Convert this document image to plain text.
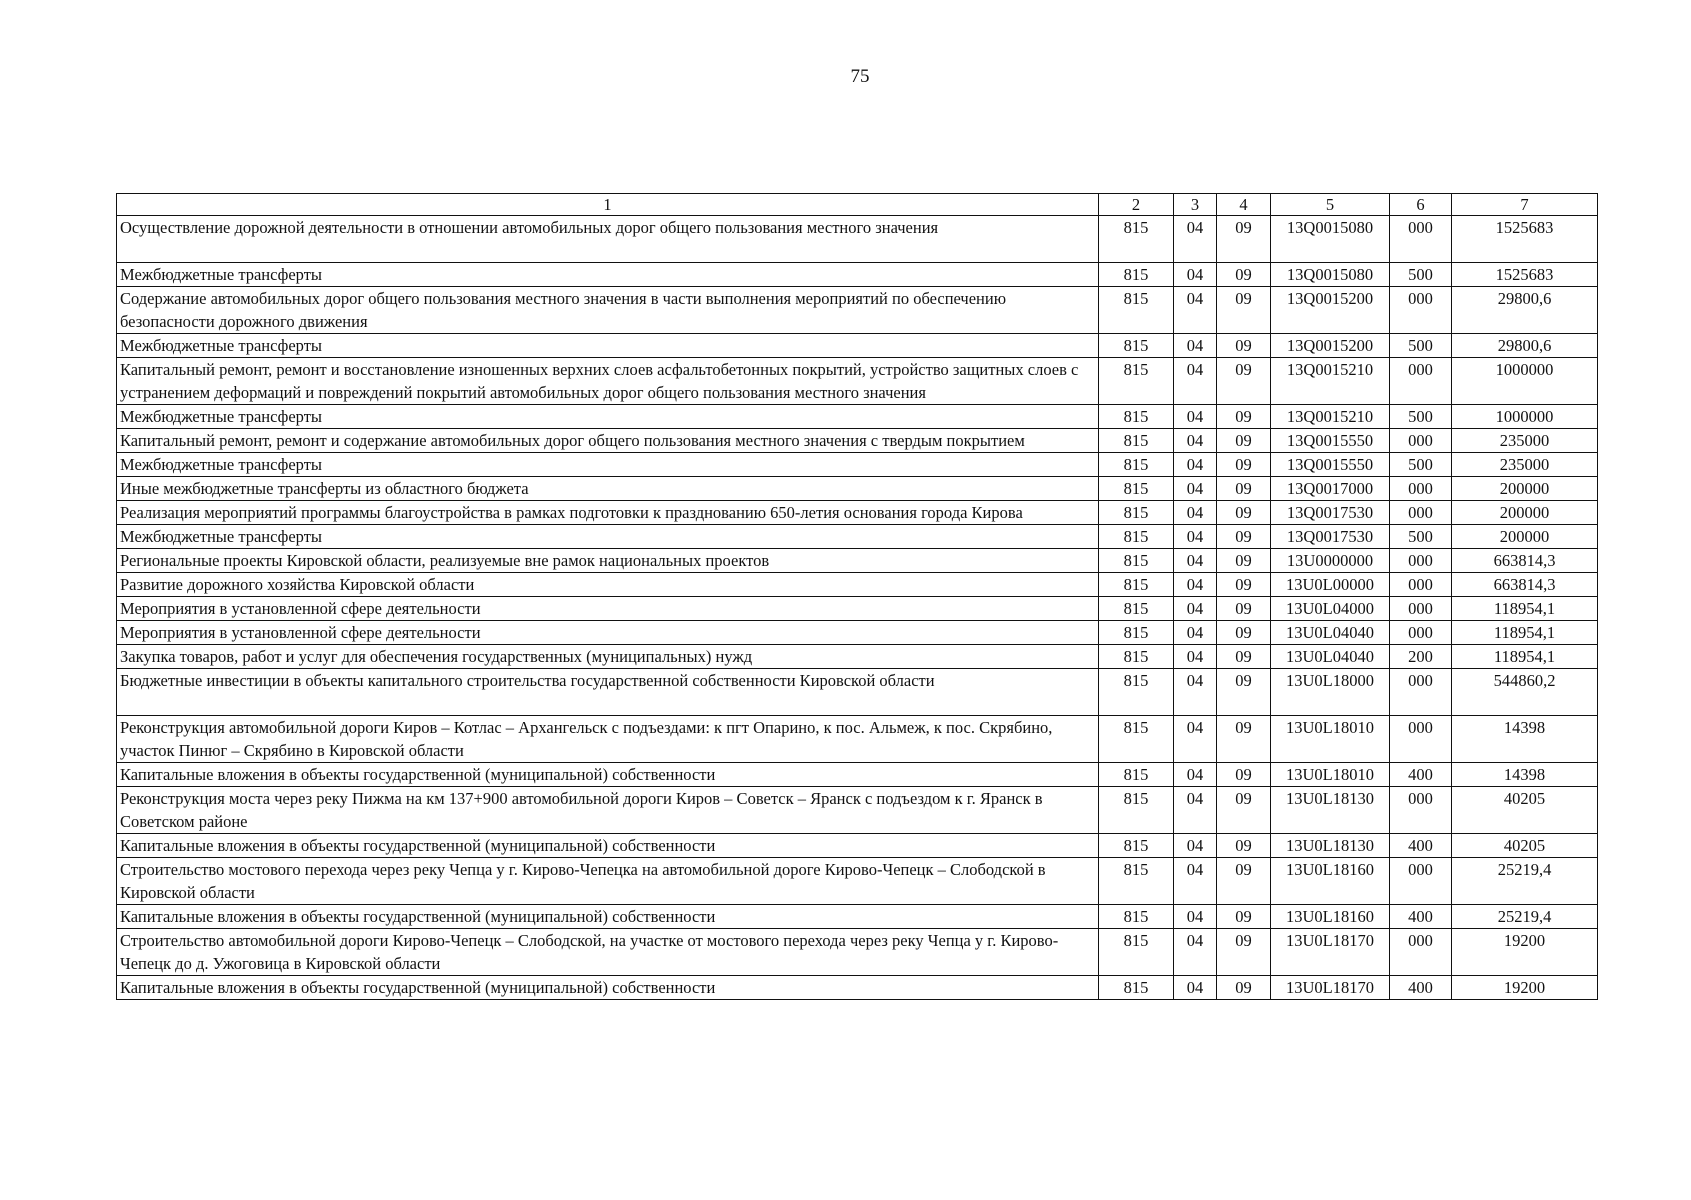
75
1	2	3	4	5	6	7
Осуществление дорожной деятельности в отношении автомобильных дорог общего пользования местного значения	815	04	09	13Q0015080	000	1525683
Межбюджетные трансферты	815	04	09	13Q0015080	500	1525683
Содержание автомобильных дорог общего пользования местного значения в части выполнения мероприятий по обеспечению безопасности дорожного движения	815	04	09	13Q0015200	000	29800,6
Межбюджетные трансферты	815	04	09	13Q0015200	500	29800,6
Капитальный ремонт, ремонт и восстановление изношенных верхних слоев асфальтобетонных покрытий, устройство защитных слоев с устранением деформаций и повреждений покрытий автомобильных дорог общего пользования местного значения	815	04	09	13Q0015210	000	1000000
Межбюджетные трансферты	815	04	09	13Q0015210	500	1000000
Капитальный ремонт, ремонт и содержание автомобильных дорог общего пользования местного значения с твердым покрытием	815	04	09	13Q0015550	000	235000
Межбюджетные трансферты	815	04	09	13Q0015550	500	235000
Иные межбюджетные трансферты из областного бюджета	815	04	09	13Q0017000	000	200000
Реализация мероприятий программы благоустройства в рамках подготовки к празднованию 650-летия основания города Кирова	815	04	09	13Q0017530	000	200000
Межбюджетные трансферты	815	04	09	13Q0017530	500	200000
Региональные проекты Кировской области, реализуемые вне рамок национальных проектов	815	04	09	13U0000000	000	663814,3
Развитие дорожного хозяйства Кировской области	815	04	09	13U0L00000	000	663814,3
Мероприятия в установленной сфере деятельности	815	04	09	13U0L04000	000	118954,1
Мероприятия в установленной сфере деятельности	815	04	09	13U0L04040	000	118954,1
Закупка товаров, работ и услуг для обеспечения государственных (муниципальных) нужд	815	04	09	13U0L04040	200	118954,1
Бюджетные инвестиции в объекты капитального строительства государственной собственности Кировской области	815	04	09	13U0L18000	000	544860,2
Реконструкция автомобильной дороги Киров – Котлас – Архангельск с подъездами: к пгт Опарино, к пос. Альмеж, к пос. Скрябино, участок Пинюг – Скрябино в Кировской области	815	04	09	13U0L18010	000	14398
Капитальные вложения в объекты государственной (муниципальной) собственности	815	04	09	13U0L18010	400	14398
Реконструкция моста через реку Пижма на км 137+900 автомобильной дороги Киров – Советск – Яранск с подъездом к г. Яранск в Советском районе	815	04	09	13U0L18130	000	40205
Капитальные вложения в объекты государственной (муниципальной) собственности	815	04	09	13U0L18130	400	40205
Строительство мостового перехода через реку Чепца у г. Кирово-Чепецка на автомобильной дороге Кирово-Чепецк – Слободской в Кировской области	815	04	09	13U0L18160	000	25219,4
Капитальные вложения в объекты государственной (муниципальной) собственности	815	04	09	13U0L18160	400	25219,4
Строительство автомобильной дороги Кирово-Чепецк – Слободской, на участке от мостового перехода через реку Чепца у г. Кирово-Чепецк до д. Ужоговица в Кировской области	815	04	09	13U0L18170	000	19200
Капитальные вложения в объекты государственной (муниципальной) собственности	815	04	09	13U0L18170	400	19200
